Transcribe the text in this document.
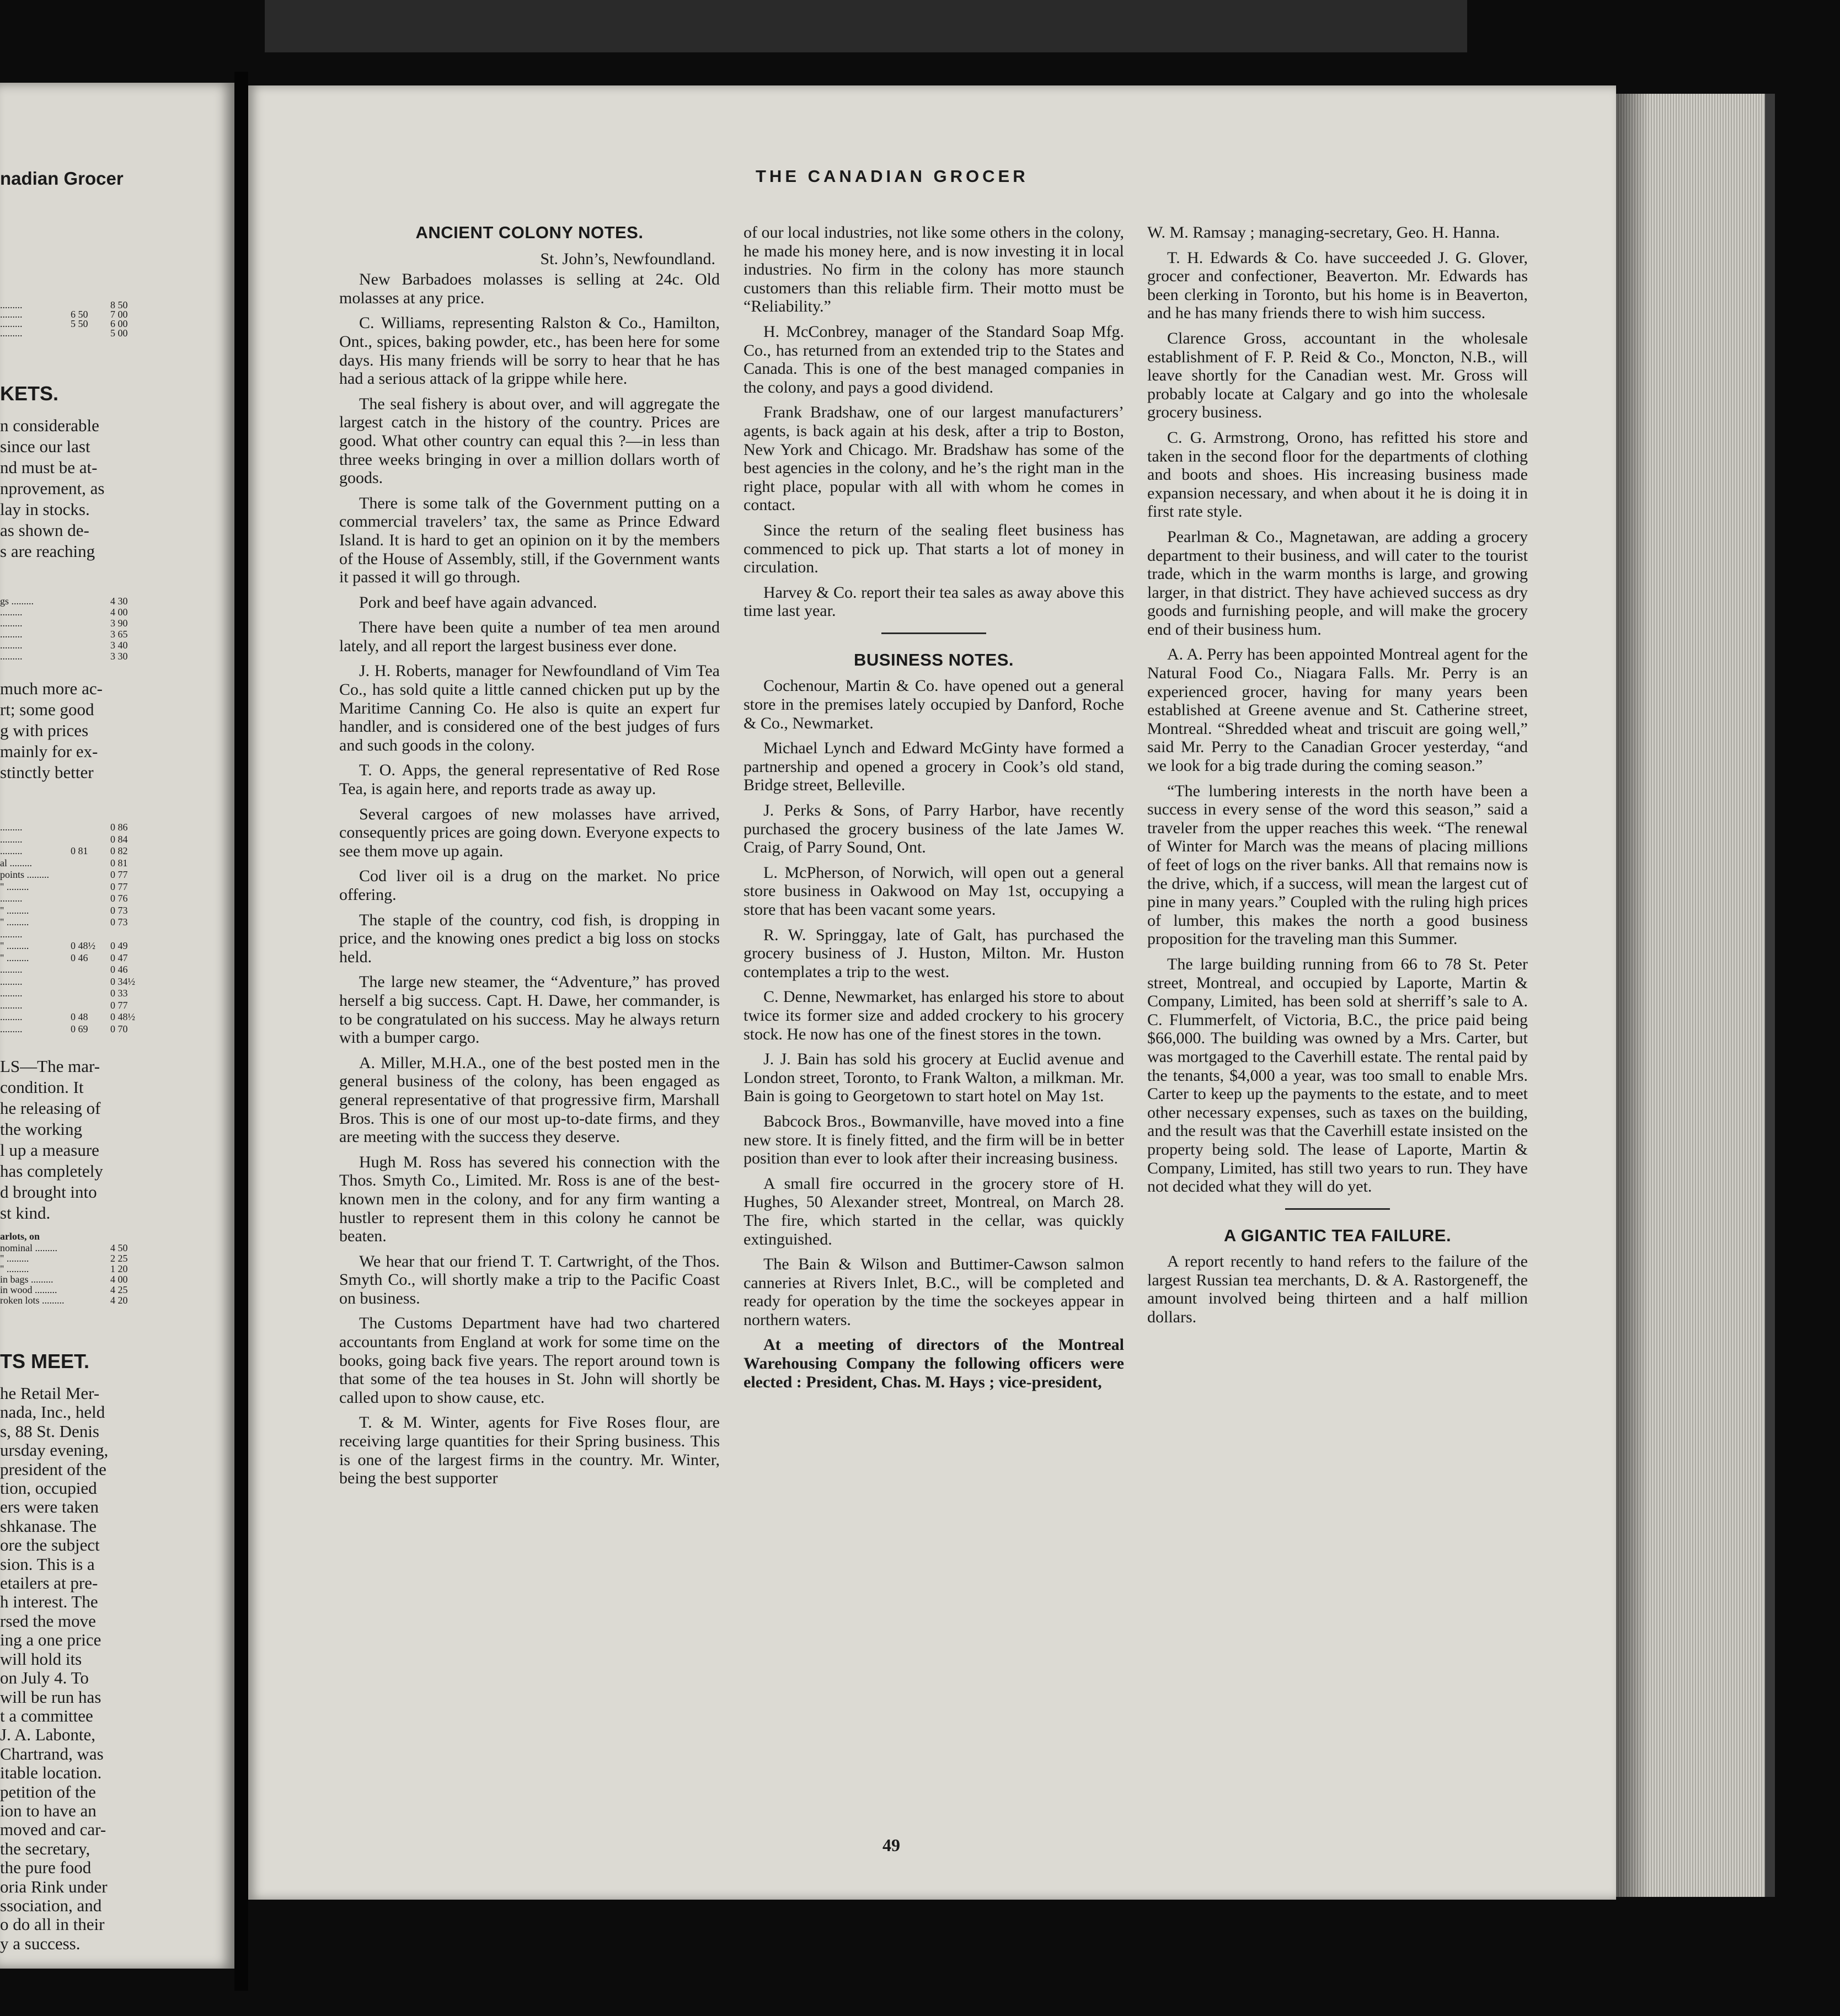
nadian Grocer
.........	8 50
.........	6 50	7 00
.........	5 50	6 00
.........	5 00
KETS.
n considerable
since our last
nd must be at-
nprovement, as
lay in stocks.
as shown de-
s are reaching
gs .........	4 30
.........	4 00
.........	3 90
.........	3 65
.........	3 40
.........	3 30
much more ac-
rt; some good
g with prices
mainly for ex-
stinctly better
.........	0 86
.........	0 84
.........	0 81	0 82
al .........	0 81
points .........	0 77
" .........	0 77
.........	0 76
" .........	0 73
" .........	0 73
.........
" .........	0 48½ 0 49
" .........	0 46	0 47
.........	0 46
.........	0 34½
.........	0 33
.........	0 77
.........	0 48	0 48½
.........	0 69	0 70
LS—The mar-
condition. It
he releasing of
the working
l up a measure
has completely
d brought into
st kind.
arlots, on
nominal .........	4 50
" .........	2 25
" .........	1 20
in bags .........	4 00
in wood .........	4 25
roken lots .........	4 20
TS MEET.
he Retail Mer-
nada, Inc., held
s, 88 St. Denis
ursday evening,
president of the
tion, occupied
ers were taken
shkanase. The
ore the subject
sion. This is a
etailers at pre-
h interest. The
rsed the move
ing a one price
will hold its
on July 4. To
will be run has
t a committee
J. A. Labonte,
Chartrand, was
itable location.
petition of the
ion to have an
moved and car-
the secretary,
the pure food
oria Rink under
ssociation, and
o do all in their
y a success.
THE CANADIAN GROCER
ANCIENT COLONY NOTES.
St. John’s, Newfoundland.

New Barbadoes molasses is selling at 24c. Old molasses at any price.

C. Williams, representing Ralston & Co., Hamilton, Ont., spices, baking powder, etc., has been here for some days. His many friends will be sorry to hear that he has had a serious attack of la grippe while here.

The seal fishery is about over, and will aggregate the largest catch in the history of the country. Prices are good. What other country can equal this ?—in less than three weeks bringing in over a million dollars worth of goods.

There is some talk of the Government putting on a commercial travelers’ tax, the same as Prince Edward Island. It is hard to get an opinion on it by the members of the House of Assembly, still, if the Government wants it passed it will go through.

Pork and beef have again advanced.

There have been quite a number of tea men around lately, and all report the largest business ever done.

J. H. Roberts, manager for Newfoundland of Vim Tea Co., has sold quite a little canned chicken put up by the Maritime Canning Co. He also is quite an expert fur handler, and is considered one of the best judges of furs and such goods in the colony.

T. O. Apps, the general representative of Red Rose Tea, is again here, and reports trade as away up.

Several cargoes of new molasses have arrived, consequently prices are going down. Everyone expects to see them move up again.

Cod liver oil is a drug on the market. No price offering.

The staple of the country, cod fish, is dropping in price, and the knowing ones predict a big loss on stocks held.

The large new steamer, the “Adventure,” has proved herself a big success. Capt. H. Dawe, her commander, is to be congratulated on his success. May he always return with a bumper cargo.

A. Miller, M.H.A., one of the best posted men in the general business of the colony, has been engaged as general representative of that progressive firm, Marshall Bros. This is one of our most up-to-date firms, and they are meeting with the success they deserve.

Hugh M. Ross has severed his connection with the Thos. Smyth Co., Limited. Mr. Ross is ane of the best-known men in the colony, and for any firm wanting a hustler to represent them in this colony he cannot be beaten.

We hear that our friend T. T. Cartwright, of the Thos. Smyth Co., will shortly make a trip to the Pacific Coast on business.

The Customs Department have had two chartered accountants from England at work for some time on the books, going back five years. The report around town is that some of the tea houses in St. John will shortly be called upon to show cause, etc.

T. & M. Winter, agents for Five Roses flour, are receiving large quantities for their Spring business. This is one of the largest firms in the country. Mr. Winter, being the best supporter

of our local industries, not like some others in the colony, he made his money here, and is now investing it in local industries. No firm in the colony has more staunch customers than this reliable firm. Their motto must be “Reliability.”

H. McConbrey, manager of the Standard Soap Mfg. Co., has returned from an extended trip to the States and Canada. This is one of the best managed companies in the colony, and pays a good dividend.

Frank Bradshaw, one of our largest manufacturers’ agents, is back again at his desk, after a trip to Boston, New York and Chicago. Mr. Bradshaw has some of the best agencies in the colony, and he’s the right man in the right place, popular with all with whom he comes in contact.

Since the return of the sealing fleet business has commenced to pick up. That starts a lot of money in circulation.

Harvey & Co. report their tea sales as away above this time last year.

BUSINESS NOTES.

Cochenour, Martin & Co. have opened out a general store in the premises lately occupied by Danford, Roche & Co., Newmarket.

Michael Lynch and Edward McGinty have formed a partnership and opened a grocery in Cook’s old stand, Bridge street, Belleville.

J. Perks & Sons, of Parry Harbor, have recently purchased the grocery business of the late James W. Craig, of Parry Sound, Ont.

L. McPherson, of Norwich, will open out a general store business in Oakwood on May 1st, occupying a store that has been vacant some years.

R. W. Springgay, late of Galt, has purchased the grocery business of J. Huston, Milton. Mr. Huston contemplates a trip to the west.

C. Denne, Newmarket, has enlarged his store to about twice its former size and added crockery to his grocery stock. He now has one of the finest stores in the town.

J. J. Bain has sold his grocery at Euclid avenue and London street, Toronto, to Frank Walton, a milkman. Mr. Bain is going to Georgetown to start hotel on May 1st.

Babcock Bros., Bowmanville, have moved into a fine new store. It is finely fitted, and the firm will be in better position than ever to look after their increasing business.

A small fire occurred in the grocery store of H. Hughes, 50 Alexander street, Montreal, on March 28. The fire, which started in the cellar, was quickly extinguished.

The Bain & Wilson and Buttimer-Cawson salmon canneries at Rivers Inlet, B.C., will be completed and ready for operation by the time the sockeyes appear in northern waters.

At a meeting of directors of the Montreal Warehousing Company the following officers were elected : President, Chas. M. Hays ; vice-president,

W. M. Ramsay ; managing-secretary, Geo. H. Hanna.

T. H. Edwards & Co. have succeeded J. G. Glover, grocer and confectioner, Beaverton. Mr. Edwards has been clerking in Toronto, but his home is in Beaverton, and he has many friends there to wish him success.

Clarence Gross, accountant in the wholesale establishment of F. P. Reid & Co., Moncton, N.B., will leave shortly for the Canadian west. Mr. Gross will probably locate at Calgary and go into the wholesale grocery business.

C. G. Armstrong, Orono, has refitted his store and taken in the second floor for the departments of clothing and boots and shoes. His increasing business made expansion necessary, and when about it he is doing it in first rate style.

Pearlman & Co., Magnetawan, are adding a grocery department to their business, and will cater to the tourist trade, which in the warm months is large, and growing larger, in that district. They have achieved success as dry goods and furnishing people, and will make the grocery end of their business hum.

A. A. Perry has been appointed Montreal agent for the Natural Food Co., Niagara Falls. Mr. Perry is an experienced grocer, having for many years been established at Greene avenue and St. Catherine street, Montreal. “Shredded wheat and triscuit are going well,” said Mr. Perry to the Canadian Grocer yesterday, “and we look for a big trade during the coming season.”

“The lumbering interests in the north have been a success in every sense of the word this season,” said a traveler from the upper reaches this week. “The renewal of Winter for March was the means of placing millions of feet of logs on the river banks. All that remains now is the drive, which, if a success, will mean the largest cut of pine in many years.” Coupled with the ruling high prices of lumber, this makes the north a good business proposition for the traveling man this Summer.

The large building running from 66 to 78 St. Peter street, Montreal, and occupied by Laporte, Martin & Company, Limited, has been sold at sherriff’s sale to A. C. Flummerfelt, of Victoria, B.C., the price paid being $66,000. The building was owned by a Mrs. Carter, but was mortgaged to the Caverhill estate. The rental paid by the tenants, $4,000 a year, was too small to enable Mrs. Carter to keep up the payments to the estate, and to meet other necessary expenses, such as taxes on the building, and the result was that the Caverhill estate insisted on the property being sold. The lease of Laporte, Martin & Company, Limited, has still two years to run. They have not decided what they will do yet.

A GIGANTIC TEA FAILURE.

A report recently to hand refers to the failure of the largest Russian tea merchants, D. & A. Rastorgeneff, the amount involved being thirteen and a half million dollars.

49
